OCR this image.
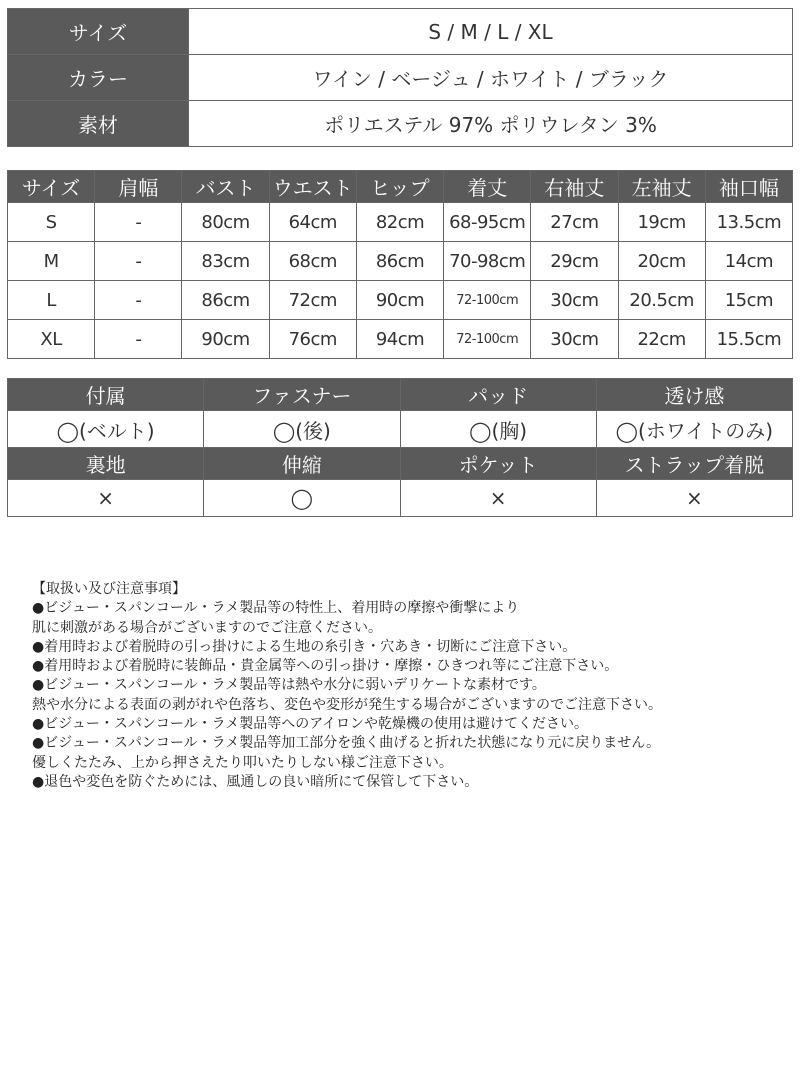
サイズ	S / M / L / XL
カラー	ワイン / ベージュ / ホワイト / ブラック
素材	ポリエステル 97% ポリウレタン 3%
サイズ	肩幅	バスト	ウエスト	ヒップ	着丈	右袖丈	左袖丈	袖口幅
S	-	80cm	64cm	82cm	68-95cm	27cm	19cm	13.5cm
M	-	83cm	68cm	86cm	70-98cm	29cm	20cm	14cm
L	-	86cm	72cm	90cm	72-100cm	30cm	20.5cm	15cm
XL	-	90cm	76cm	94cm	72-100cm	30cm	22cm	15.5cm
付属	ファスナー	パッド	透け感
◯(ベルト)	◯(後)	◯(胸)	◯(ホワイトのみ)
裏地	伸縮	ポケット	ストラップ着脱
×	◯	×	×
【取扱い及び注意事項】
●ビジュー・スパンコール・ラメ製品等の特性上、着用時の摩擦や衝撃により
肌に刺激がある場合がございますのでご注意ください。
●着用時および着脱時の引っ掛けによる生地の糸引き・穴あき・切断にご注意下さい。
●着用時および着脱時に装飾品・貴金属等への引っ掛け・摩擦・ひきつれ等にご注意下さい。
●ビジュー・スパンコール・ラメ製品等は熱や水分に弱いデリケートな素材です。
熱や水分による表面の剥がれや色落ち、変色や変形が発生する場合がございますのでご注意下さい。
●ビジュー・スパンコール・ラメ製品等へのアイロンや乾燥機の使用は避けてください。
●ビジュー・スパンコール・ラメ製品等加工部分を強く曲げると折れた状態になり元に戻りません。
優しくたたみ、上から押さえたり叩いたりしない様ご注意下さい。
●退色や変色を防ぐためには、風通しの良い暗所にて保管して下さい。
